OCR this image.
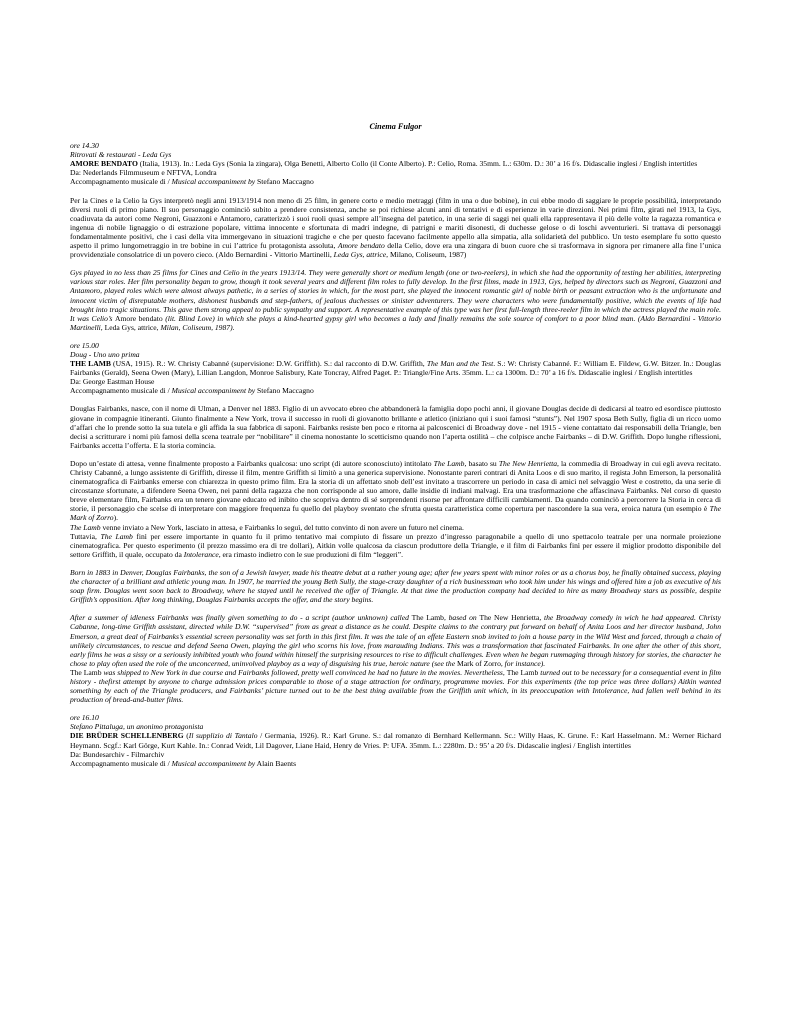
Cinema Fulgor

ore 14.30

Ritrovati & restaurati - Leda Gys

AMORE BENDATO (Italia, 1913). In.: Leda Gys (Sonia la zingara), Olga Benetti, Alberto Collo (il Conte Alberto). P.: Celio, Roma. 35mm. L.: 630m. D.: 30’ a 16 f/s. Didascalie inglesi / English intertitles

Da: Nederlands Filmmuseum e NFTVA, Londra

Accompagnamento musicale di / Musical accompaniment by Stefano Maccagno

Per la Cines e la Celio la Gys interpretò negli anni 1913/1914 non meno di 25 film, in genere corto e medio metraggi (film in una o due bobine), in cui ebbe modo di saggiare le proprie possibilità, interpretando diversi ruoli di primo piano. Il suo personaggio cominciò subito a prendere consistenza, anche se poi richiese alcuni anni di tentativi e di esperienze in varie direzioni. Nei primi film, girati nel 1913, la Gys, coadiuvata da autori come Negroni, Guazzoni e Antamoro, caratterizzò i suoi ruoli quasi sempre all’insegna del patetico, in una serie di saggi nei quali ella rappresentava il più delle volte la ragazza romantica e ingenua di nobile lignaggio o di estrazione popolare, vittima innocente e sfortunata di madri indegne, di patrigni e mariti disonesti, di duchesse gelose o di loschi avventurieri. Si trattava di personaggi fondamentalmente positivi, che i casi della vita immergevano in situazioni tragiche e che per questo facevano facilmente appello alla simpatia, alla solidarietà del pubblico. Un testo esemplare fu sotto questo aspetto il primo lungometraggio in tre bobine in cui l’attrice fu protagonista assoluta, Amore bendato della Celio, dove era una zingara di buon cuore che si trasformava in signora per rimanere alla fine l’unica provvidenziale consolatrice di un povero cieco. (Aldo Bernardini - Vittorio Martinelli, Leda Gys, attrice, Milano, Coliseum, 1987)

Gys played in no less than 25 films for Cines and Celio in the years 1913/14. They were generally short or medium length (one or two-reelers), in which she had the opportunity of testing her abilities, interpreting various star roles. Her film personality began to grow, though it took several years and different film roles to fully develop. In the first films, made in 1913, Gys, helped by directors such as Negroni, Guazzoni and Antamoro, played roles which were almost always pathetic, in a series of stories in which, for the most part, she played the innocent romantic girl of noble birth or peasant extraction who is the unfortunate and innocent victim of disreputable mothers, dishonest husbands and step-fathers, of jealous duchesses or sinister adventurers. They were characters who were fundamentally positive, which the events of life had brought into tragic situations. This gave them strong appeal to public sympathy and support. A representative example of this type was her first full-length three-reeler film in which the actress played the main role. It was Celio’s Amore bendato (lit. Blind Love) in which she plays a kind-hearted gypsy girl who becomes a lady and finally remains the sole source of comfort to a poor blind man. (Aldo Bernardini - Vittorio Martinelli, Leda Gys, attrice, Milan, Coliseum, 1987).

ore 15.00

Doug - Uno uno prima

THE LAMB (USA, 1915). R.: W. Christy Cabanné (supervisione: D.W. Griffith). S.: dal racconto di D.W. Griffith, The Man and the Test. S.: W: Christy Cabanné. F.: William E. Fildew, G.W. Bitzer. In.: Douglas Fairbanks (Gerald), Seena Owen (Mary), Lillian Langdon, Monroe Salisbury, Kate Toncray, Alfred Paget. P.: Triangle/Fine Arts. 35mm. L.: ca 1300m. D.: 70’ a 16 f/s. Didascalie inglesi / English intertitles

Da: George Eastman House

Accompagnamento musicale di / Musical accompaniment by Stefano Maccagno

Douglas Fairbanks, nasce, con il nome di Ulman, a Denver nel 1883. Figlio di un avvocato ebreo che abbandonerà la famiglia dopo pochi anni, il giovane Douglas decide di dedicarsi al teatro ed esordisce piuttosto giovane in compagnie itineranti. Giunto finalmente a New York, trova il successo in ruoli di giovanotto brillante e atletico (iniziano qui i suoi famosi “stunts”). Nel 1907 sposa Beth Sully, figlia di un ricco uomo d’affari che lo prende sotto la sua tutela e gli affida la sua fabbrica di saponi. Fairbanks resiste ben poco e ritorna ai palcoscenici di Broadway dove - nel 1915 - viene contattato dai responsabili della Triangle, ben decisi a scritturare i nomi più famosi della scena teatrale per “nobilitare” il cinema nonostante lo scetticismo quando non l’aperta ostilità – che colpisce anche Fairbanks – di D.W. Griffith. Dopo lunghe riflessioni, Fairbanks accetta l’offerta. E la storia comincia.

Dopo un’estate di attesa, venne finalmente proposto a Fairbanks qualcosa: uno script (di autore sconosciuto) intitolato The Lamb, basato su The New Henrietta, la commedia di Broadway in cui egli aveva recitato. Christy Cabanné, a lungo assistente di Griffith, diresse il film, mentre Griffith si limitò a una generica supervisione. Nonostante pareri contrari di Anita Loos e di suo marito, il regista John Emerson, la personalità cinematografica di Fairbanks emerse con chiarezza in questo primo film. Era la storia di un affettato snob dell’est invitato a trascorrere un periodo in casa di amici nel selvaggio West e costretto, da una serie di circostanze sfortunate, a difendere Seena Owen, nei panni della ragazza che non corrisponde al suo amore, dalle insidie di indiani malvagi. Era una trasformazione che affascinava Fairbanks. Nel corso di questo breve elementare film, Fairbanks era un tenero giovane educato ed inibito che scopriva dentro di sé sorprendenti risorse per affrontare difficili cambiamenti. Da quando cominciò a percorrere la Storia in cerca di storie, il personaggio che scelse di interpretare con maggiore frequenza fu quello del playboy sventato che sfrutta questa caratteristica come copertura per nascondere la sua vera, eroica natura (un esempio è The Mark of Zorro).

The Lamb venne inviato a New York, lasciato in attesa, e Fairbanks lo seguì, del tutto convinto di non avere un futuro nel cinema.

Tuttavia, The Lamb finì per essere importante in quanto fu il primo tentativo mai compiuto di fissare un prezzo d’ingresso paragonabile a quello di uno spettacolo teatrale per una normale proiezione cinematografica. Per questo esperimento (il prezzo massimo era di tre dollari), Aitkin volle qualcosa da ciascun produttore della Triangle, e il film di Fairbanks finì per essere il miglior prodotto disponibile del settore Griffith, il quale, occupato da Intolerance, era rimasto indietro con le sue produzioni di film “leggeri”.

Born in 1883 in Denver, Douglas Fairbanks, the son of a Jewish lawyer, made his theatre debut at a rather young age; after few years spent with minor roles or as a chorus boy, he finally obtained success, playing the character of a brilliant and athletic young man. In 1907, he married the young Beth Sully, the stage-crazy daughter of a rich businessman who took him under his wings and offered him a job as executive of his soap firm. Douglas went soon back to Broadway, where he stayed until he received the offer of Triangle. At that time the production company had decided to hire as many Broadway stars as possible, despite Griffith’s opposition. After long thinking, Douglas Fairbanks accepts the offer, and the story begins.

After a summer of idleness Fairbanks was finally given something to do - a script (author unknown) called The Lamb, based on The New Henrietta, the Broadway comedy in wich he had appeared. Christy Cabanne, long-time Griffith assistant, directed while D.W. “supervised” from as great a distance as he could. Despite claims to the contrary put forward on behalf of Anita Loos and her director husband, John Emerson, a great deal of Fairbanks’s essential screen personality was set forth in this first film. It was the tale of an effete Eastern snob invited to join a house party in the Wild West and forced, through a chain of unlikely circumstances, to rescue and defend Seena Owen, playing the girl who scorns his love, from marauding Indians. This was a transformation that fascinated Fairbanks. In one after the other of this short, early films he was a sissy or a seriously inhibited youth who found within himself the surprising resources to rise to difficult challenges. Even when he began rummaging through history for stories, the character he chose to play often used the role of the unconcerned, uninvolved playboy as a way of disguising his true, heroic nature (see the Mark of Zorro, for instance).

The Lamb was shipped to New York in due course and Fairbanks followed, pretty well convinced he had no future in the movies. Nevertheless, The Lamb turned out to be necessary for a consequential event in film history - thefirst attempt by anyone to charge admission prices comparable to those of a stage attraction for ordinary, programme movies. For this experiments (the top price was three dollars) Aitkin wanted something by each of the Triangle producers, and Fairbanks’ picture turned out to be the best thing available from the Griffith unit which, in its preoccupation with Intolerance, had fallen well behind in its production of bread-and-butter films.

ore 16.10

Stefano Pittaluga, un anonimo protagonista

DIE BRÜDER SCHELLENBERG (Il supplizio di Tantalo / Germania, 1926). R.: Karl Grune. S.: dal romanzo di Bernhard Kellermann. Sc.: Willy Haas, K. Grune. F.: Karl Hasselmann. M.: Werner Richard Heymann. Scgf.: Karl Görge, Kurt Kahle. In.: Conrad Veidt, Lil Dagover, Liane Haid, Henry de Vries. P: UFA. 35mm. L.: 2280m. D.: 95’ a 20 f/s. Didascalie inglesi / English intertitles

Da: Bundesarchiv - Filmarchiv

Accompagnamento musicale di / Musical accompaniment by Alain Baents
